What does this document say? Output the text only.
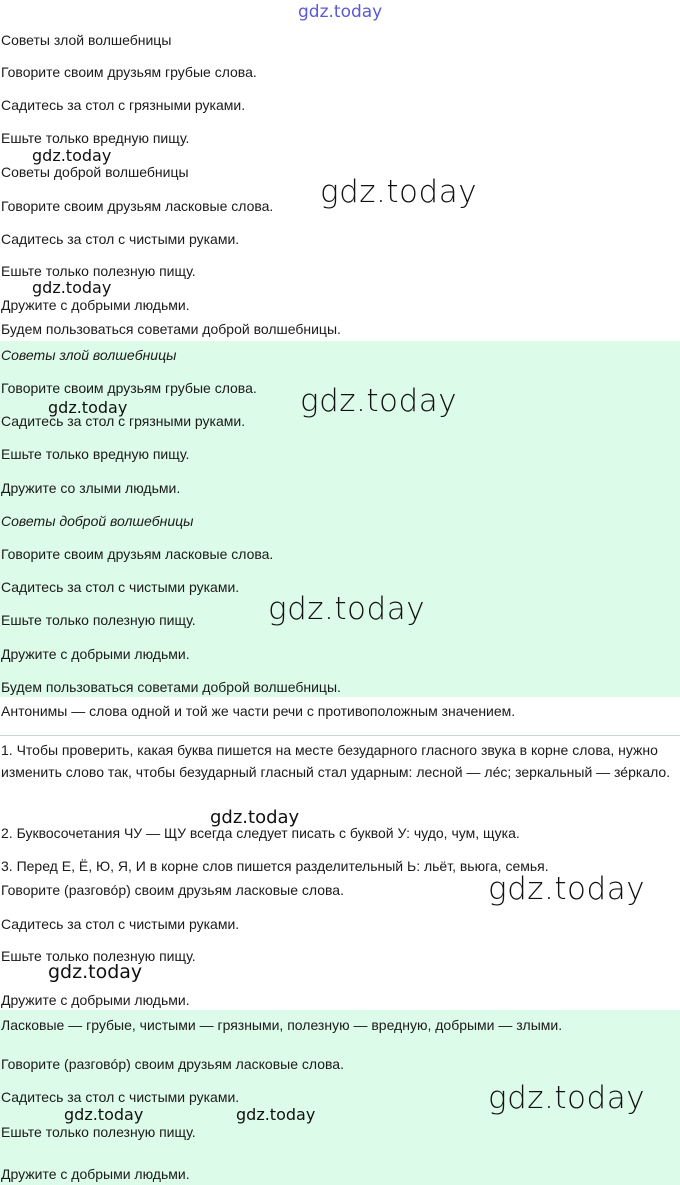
gdz.today
Советы злой волшебницы
Говорите своим друзьям грубые слова.
Садитесь за стол с грязными руками.
Ешьте только вредную пищу.
Советы доброй волшебницы
Говорите своим друзьям ласковые слова.
Садитесь за стол с чистыми руками.
Ешьте только полезную пищу.
Дружите с добрыми людьми.
Будем пользоваться советами доброй волшебницы.
Советы злой волшебницы
Говорите своим друзьям грубые слова.
Садитесь за стол с грязными руками.
Ешьте только вредную пищу.
Дружите со злыми людьми.
Советы доброй волшебницы
Говорите своим друзьям ласковые слова.
Садитесь за стол с чистыми руками.
Ешьте только полезную пищу.
Дружите с добрыми людьми.
Будем пользоваться советами доброй волшебницы.
Антонимы — слова одной и той же части речи с противоположным значением.
1. Чтобы проверить, какая буква пишется на месте безударного гласного звука в корне слова, нужно изменить слово так, чтобы безударный гласный стал ударным: лесной — ле́с; зеркальный — зе́ркало.
2. Буквосочетания ЧУ — ЩУ всегда следует писать с буквой У: чудо, чум, щука.
3. Перед Е, Ё, Ю, Я, И в корне слов пишется разделительный Ь: льёт, вьюга, семья.
Говорите (разговóр) своим друзьям ласковые слова.
Садитесь за стол с чистыми руками.
Ешьте только полезную пищу.
Дружите с добрыми людьми.
Ласковые — грубые, чистыми — грязными, полезную — вредную, добрыми — злыми.
Говорите (разговóр) своим друзьям ласковые слова.
Садитесь за стол с чистыми руками.
Ешьте только полезную пищу.
Дружите с добрыми людьми.
gdz.today
gdz.today
gdz.today
gdz.today
gdz.today
gdz.today
gdz.today
gdz.today
gdz.today
gdz.today
gdz.today	gdz.today
